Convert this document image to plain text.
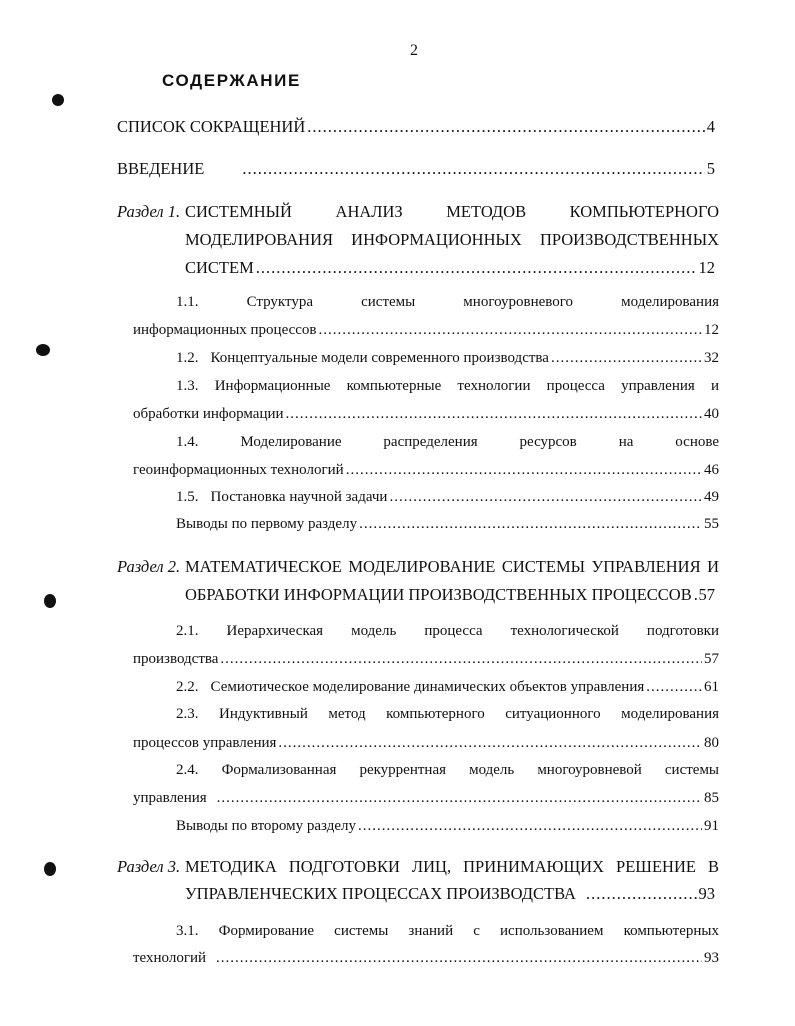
2
СОДЕРЖАНИЕ
СПИСОК СОКРАЩЕНИЙ .....	4
ВВЕДЕНИЕ .....	5
Раздел 1. СИСТЕМНЫЙ АНАЛИЗ МЕТОДОВ КОМПЬЮТЕРНОГО
МОДЕЛИРОВАНИЯ ИНФОРМАЦИОННЫХ ПРОИЗВОДСТВЕННЫХ
СИСТЕМ .....	12
1.1.	Структура системы многоуровневого моделирования
информационных процессов .....	12
1.2. Концептуальные модели современного производства .....	32
1.3. Информационные компьютерные технологии процесса управления и
обработки информации .....	40
1.4.	Моделирование распределения ресурсов на основе
геоинформационных технологий .....	46
1.5. Постановка научной задачи .....	49
Выводы по первому разделу .....	55
Раздел 2. МАТЕМАТИЧЕСКОЕ МОДЕЛИРОВАНИЕ СИСТЕМЫ УПРАВЛЕНИЯ И
ОБРАБОТКИ ИНФОРМАЦИИ ПРОИЗВОДСТВЕННЫХ ПРОЦЕССОВ ..... 57
2.1. Иерархическая модель процесса технологической подготовки
производства .....	57
2.2. Семиотическое моделирование динамических объектов управления .....	61
2.3. Индуктивный метод компьютерного ситуационного моделирования
процессов управления .....	80
2.4. Формализованная рекуррентная модель многоуровневой системы
управления .....	85
Выводы по второму разделу .....	91
Раздел 3. МЕТОДИКА ПОДГОТОВКИ ЛИЦ, ПРИНИМАЮЩИХ РЕШЕНИЕ В
УПРАВЛЕНЧЕСКИХ ПРОЦЕССАХ ПРОИЗВОДСТВА .....	93
3.1. Формирование системы знаний с использованием компьютерных
технологий .....	93
